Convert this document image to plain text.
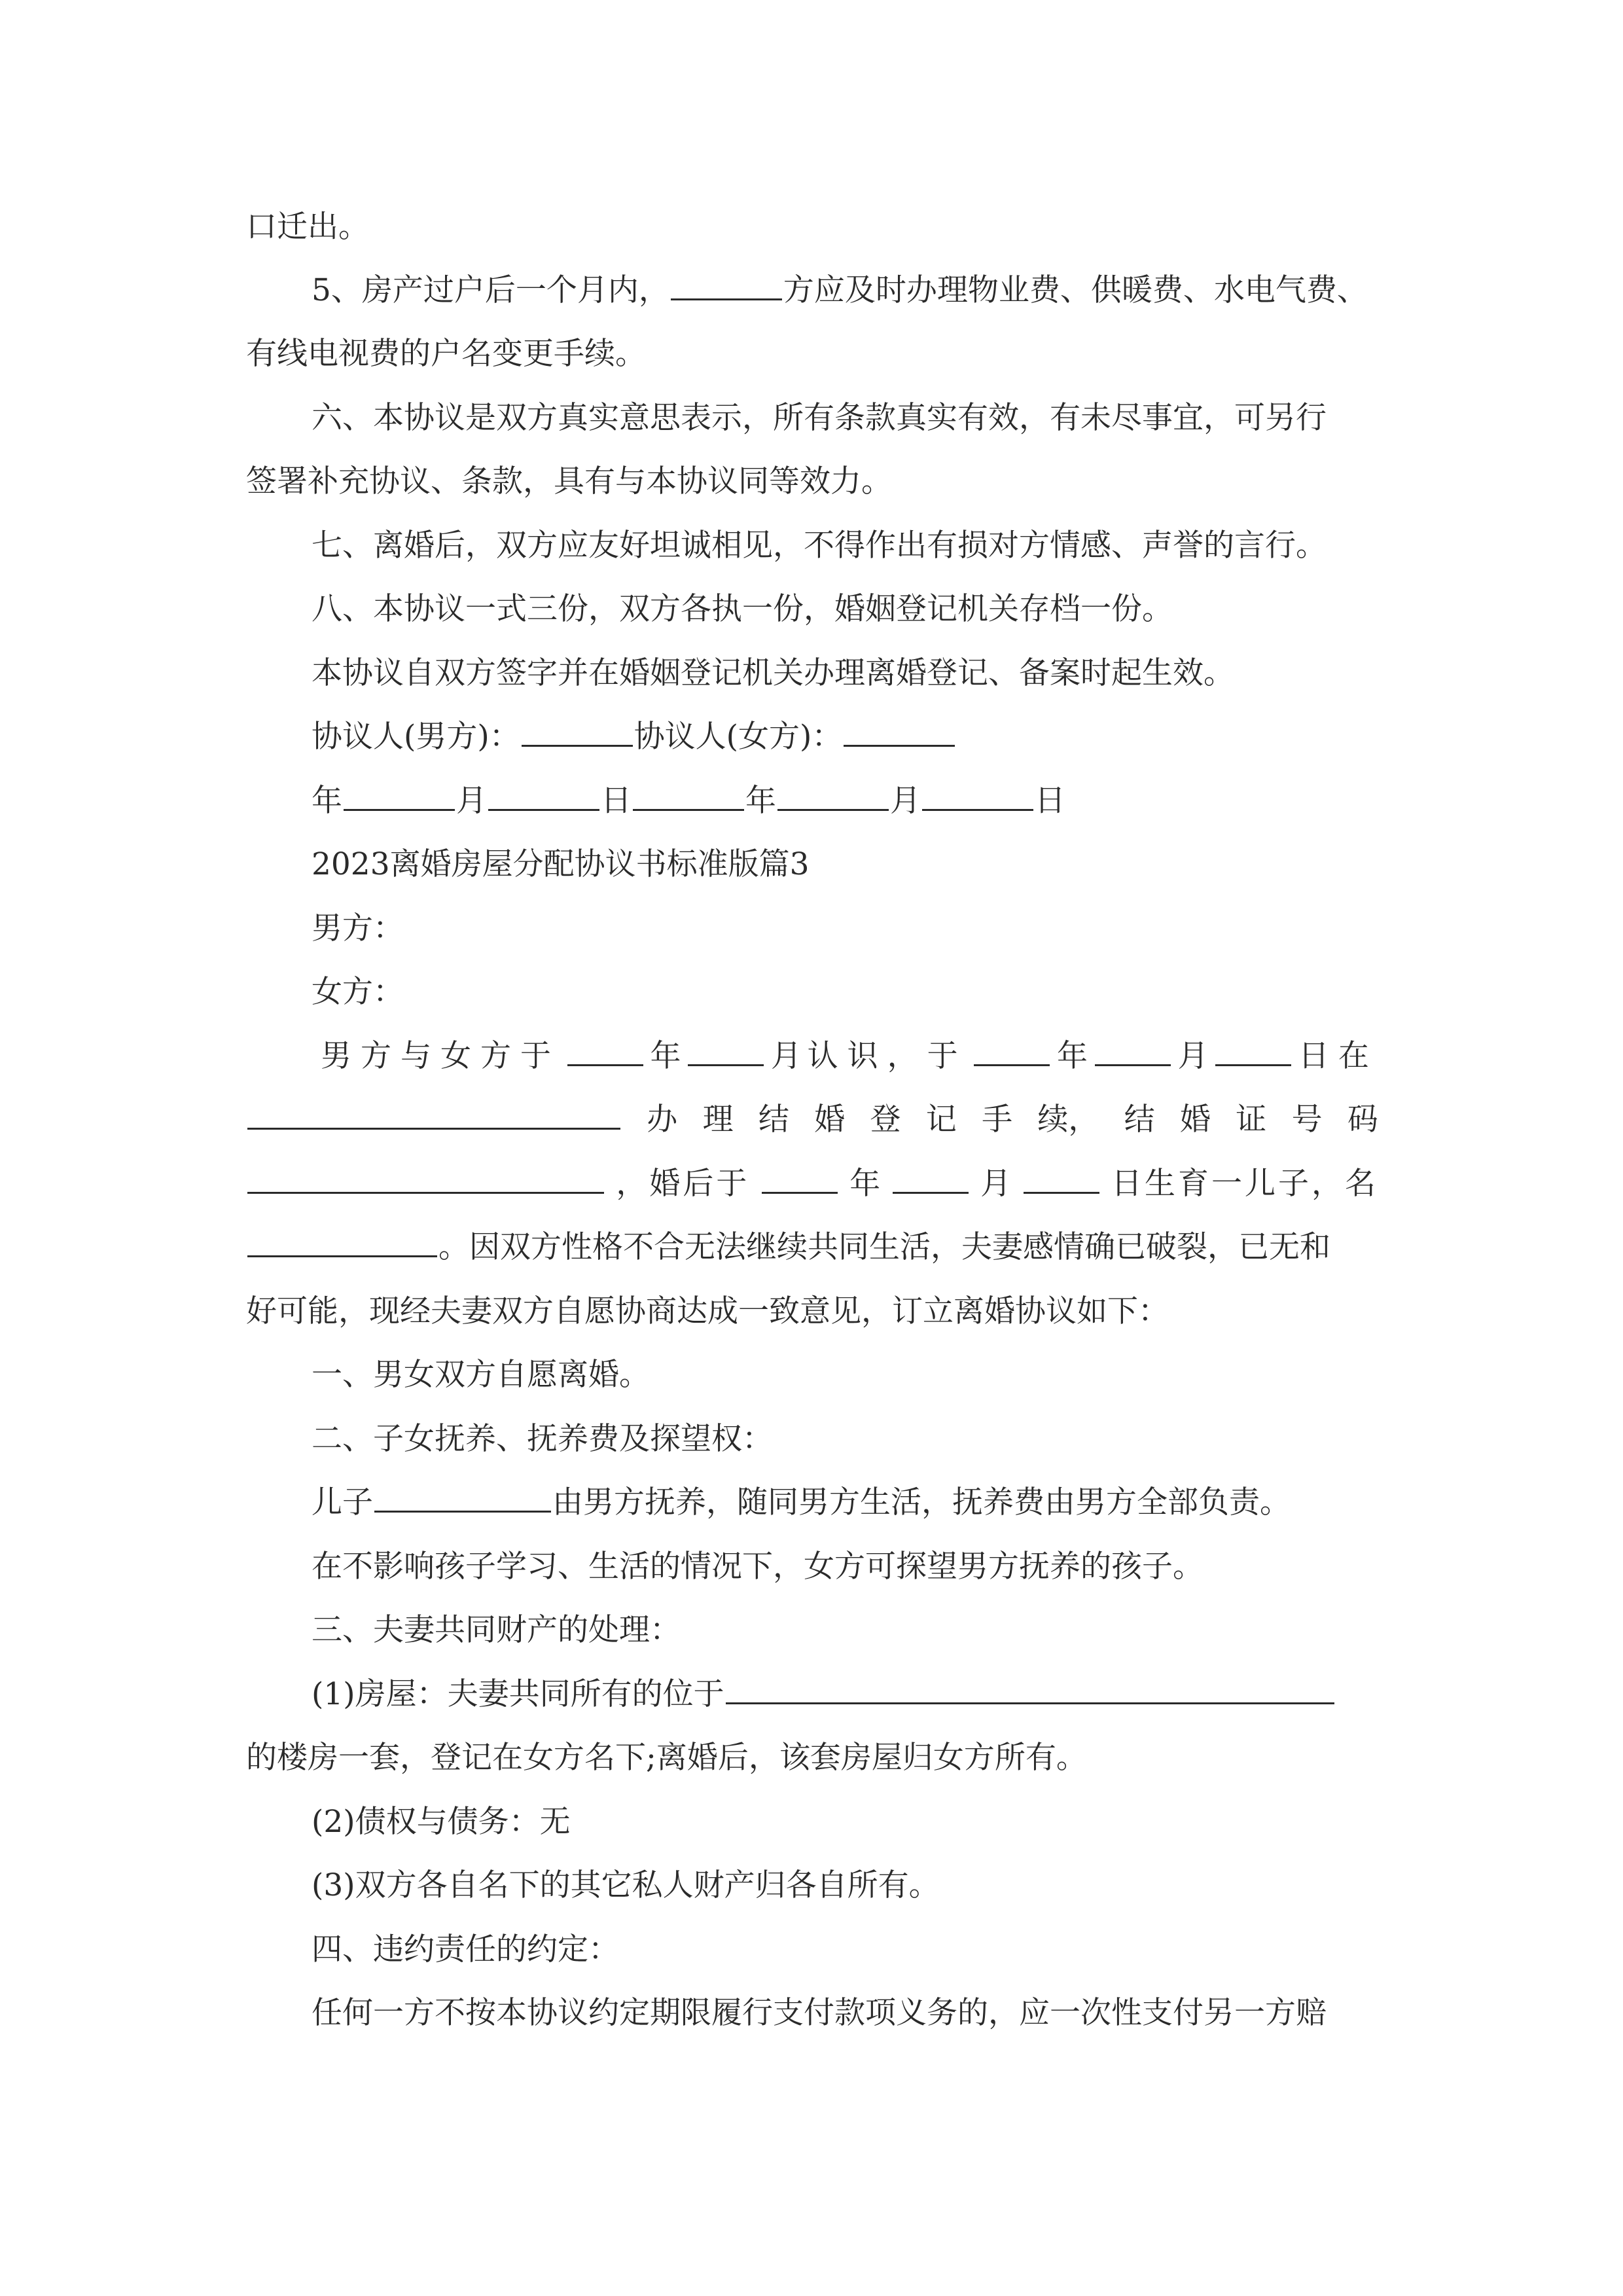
口迁出。
5、房产过户后一个月内，	方应及时办理物业费、供暖费、水电气费、
有线电视费的户名变更手续。
六、本协议是双方真实意思表示，所有条款真实有效，有未尽事宜，可另行
签署补充协议、条款，具有与本协议同等效力。
七、离婚后，双方应友好坦诚相见，不得作出有损对方情感、声誉的言行。
八、本协议一式三份，双方各执一份，婚姻登记机关存档一份。
本协议自双方签字并在婚姻登记机关办理离婚登记、备案时起生效。
协议人(男方)：	协议人(女方)：
年	月	日	年	月	日
2023离婚房屋分配协议书标准版篇3
男方：
女方：
男方与女方于	年	月 认识，于	年	月	日在
办 理 结 婚 登 记 手 续， 结 婚 证 号 码
，婚后于	年	月	日生育一儿子，名
。因双方性格不合无法继续共同生活，夫妻感情确已破裂，已无和
好可能，现经夫妻双方自愿协商达成一致意见，订立离婚协议如下：
一、男女双方自愿离婚。
二、子女抚养、抚养费及探望权：
儿子	由男方抚养，随同男方生活，抚养费由男方全部负责。
在不影响孩子学习、生活的情况下，女方可探望男方抚养的孩子。
三、夫妻共同财产的处理：
(1)房屋：夫妻共同所有的位于
的楼房一套，登记在女方名下;离婚后，该套房屋归女方所有。
(2)债权与债务：无
(3)双方各自名下的其它私人财产归各自所有。
四、违约责任的约定：
任何一方不按本协议约定期限履行支付款项义务的，应一次性支付另一方赔
